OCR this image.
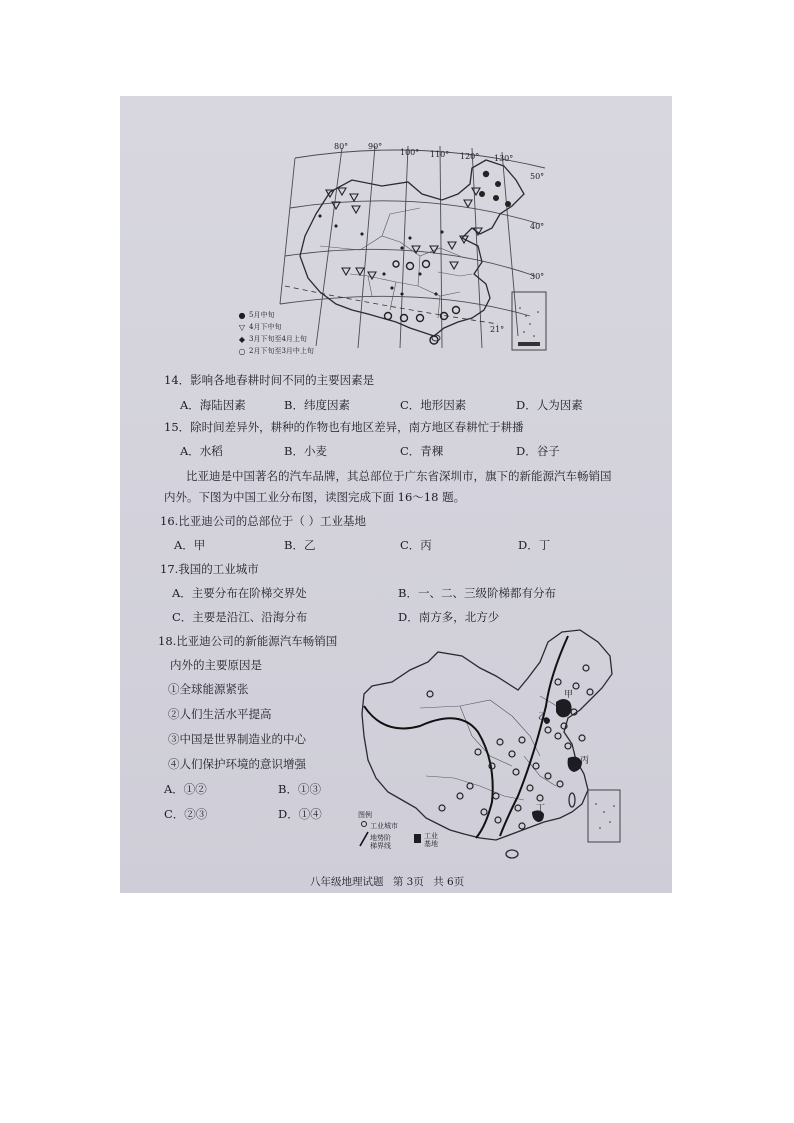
21°
80° 90°
100° 110° 120° 130°
50°
40°
30°
● 5月中旬
▽ 4月下中旬
◆ 3月下旬至4月上旬
○ 2月下旬至3月中上旬
14．影响各地春耕时间不同的主要因素是
A．海陆因素	B．纬度因素	C．地形因素	D．人为因素
15．除时间差异外，耕种的作物也有地区差异，南方地区春耕忙于耕播
A．水稻	B．小麦	C．青稞	D．谷子
比亚迪是中国著名的汽车品牌，其总部位于广东省深圳市，旗下的新能源汽车畅销国
内外。下图为中国工业分布图，读图完成下面 16～18 题。
16.比亚迪公司的总部位于（ ）工业基地
A．甲	B．乙	C．丙	D．丁
17.我国的工业城市
A．主要分布在阶梯交界处	B．一、二、三级阶梯都有分布
C．主要是沿江、沿海分布	D．南方多，北方少
18.比亚迪公司的新能源汽车畅销国
内外的主要原因是
①全球能源紧张
②人们生活水平提高
③中国是世界制造业的中心
④人们保护环境的意识增强
A．①②	B．①③
C．②③	D．①④
甲
乙
丙
丁
图例
工业城市
地势阶梯界线
工业基地
八年级地理试题 第 3页 共 6页
